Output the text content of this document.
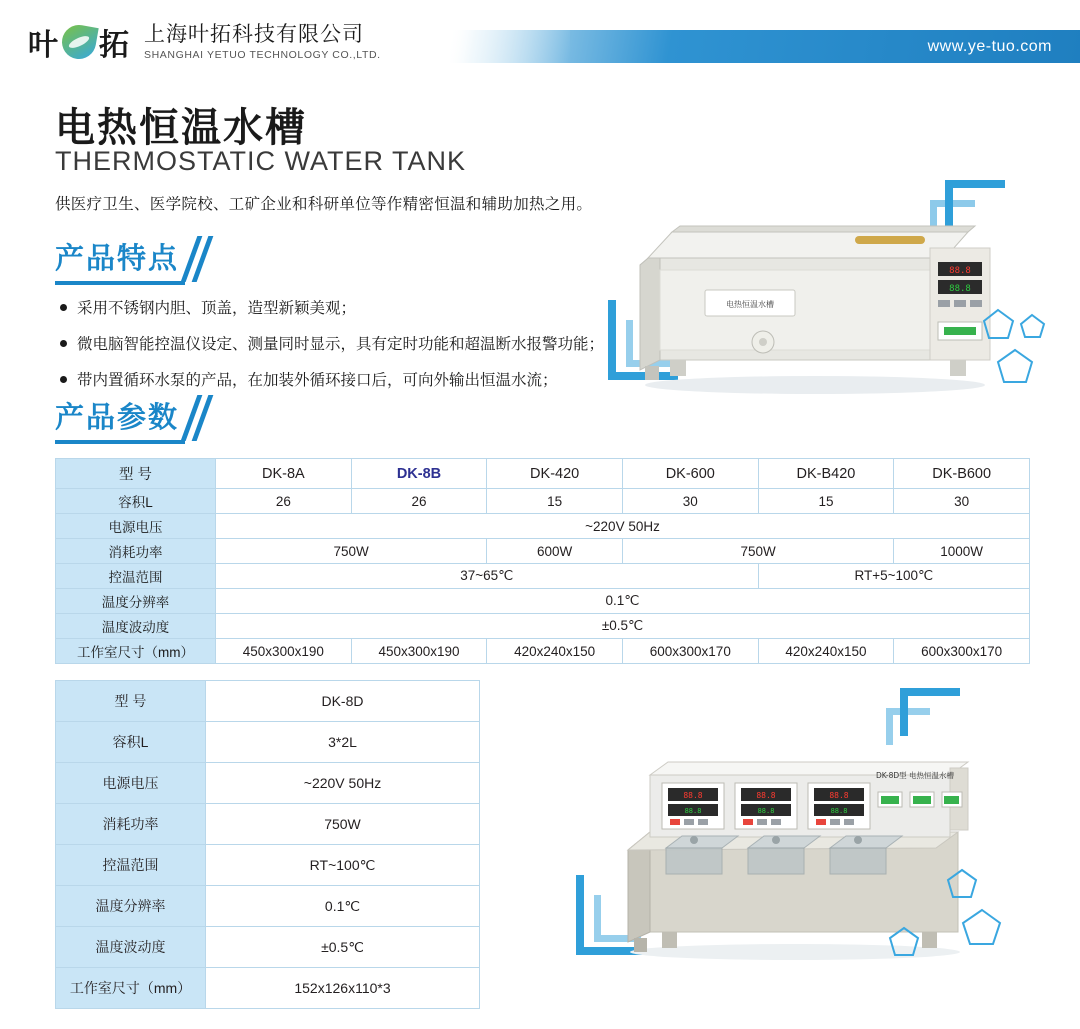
叶 拓 上海叶拓科技有限公司
SHANGHAI YETUO TECHNOLOGY CO.,LTD.
www.ye-tuo.com
电热恒温水槽
THERMOSTATIC WATER TANK
供医疗卫生、医学院校、工矿企业和科研单位等作精密恒温和辅助加热之用。
产品特点
采用不锈钢内胆、顶盖，造型新颖美观；
微电脑智能控温仪设定、测量同时显示，具有定时功能和超温断水报警功能；
带内置循环水泵的产品，在加装外循环接口后，可向外输出恒温水流；
电热恒温水槽
88.8
88.8
产品参数
型 号	DK-8A	DK-8B	DK-420	DK-600	DK-B420	DK-B600
容积L	26	26	15	30	15	30
电源电压	~220V 50Hz					
消耗功率	750W		600W	750W		1000W
控温范围	37~65℃				RT+5~100℃	
温度分辨率	0.1℃					
温度波动度	±0.5℃					
工作室尺寸（mm）	450x300x190	450x300x190	420x240x150	600x300x170	420x240x150	600x300x170
型 号	DK-8D
容积L	3*2L
电源电压	~220V 50Hz
消耗功率	750W
控温范围	RT~100℃
温度分辨率	0.1℃
温度波动度	±0.5℃
工作室尺寸（mm）	152x126x110*3
88.8
88.8
88.8
88.8
88.8
88.8
DK-8D型 电热恒温水槽
